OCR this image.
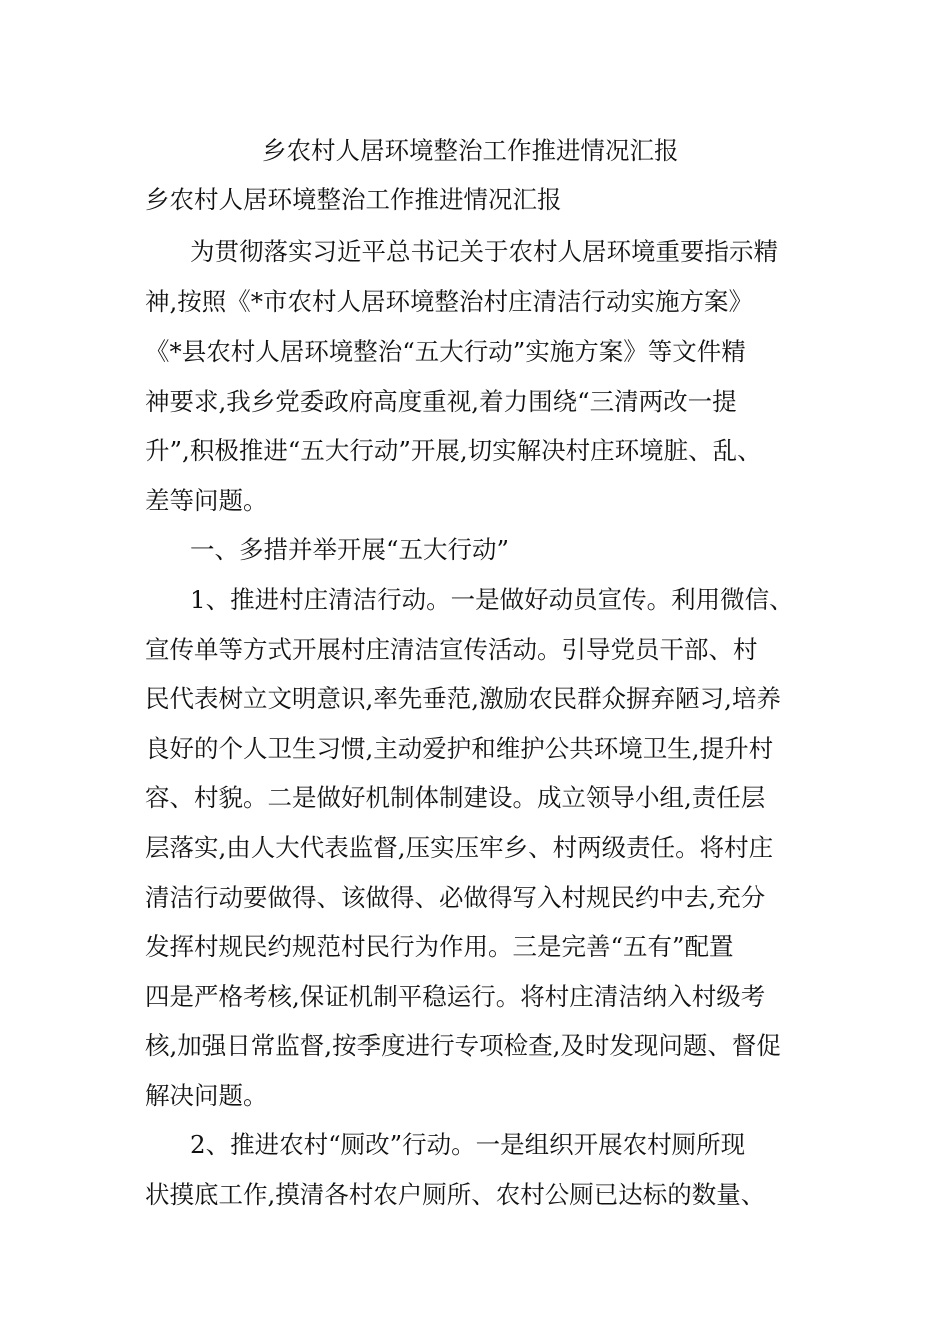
乡农村人居环境整治工作推进情况汇报
乡农村人居环境整治工作推进情况汇报
为贯彻落实习近平总书记关于农村人居环境重要指示精
神,按照《*市农村人居环境整治村庄清洁行动实施方案》
《*县农村人居环境整治“五大行动”实施方案》等文件精
神要求,我乡党委政府高度重视,着力围绕“三清两改一提
升”,积极推进“五大行动”开展,切实解决村庄环境脏、乱、
差等问题。
一、多措并举开展“五大行动”
1、推进村庄清洁行动。一是做好动员宣传。利用微信、
宣传单等方式开展村庄清洁宣传活动。引导党员干部、村
民代表树立文明意识,率先垂范,激励农民群众摒弃陋习,培养
良好的个人卫生习惯,主动爱护和维护公共环境卫生,提升村
容、村貌。二是做好机制体制建设。成立领导小组,责任层
层落实,由人大代表监督,压实压牢乡、村两级责任。将村庄
清洁行动要做得、该做得、必做得写入村规民约中去,充分
发挥村规民约规范村民行为作用。三是完善“五有”配置
四是严格考核,保证机制平稳运行。将村庄清洁纳入村级考
核,加强日常监督,按季度进行专项检查,及时发现问题、督促
解决问题。
2、推进农村“厕改”行动。一是组织开展农村厕所现
状摸底工作,摸清各村农户厕所、农村公厕已达标的数量、
